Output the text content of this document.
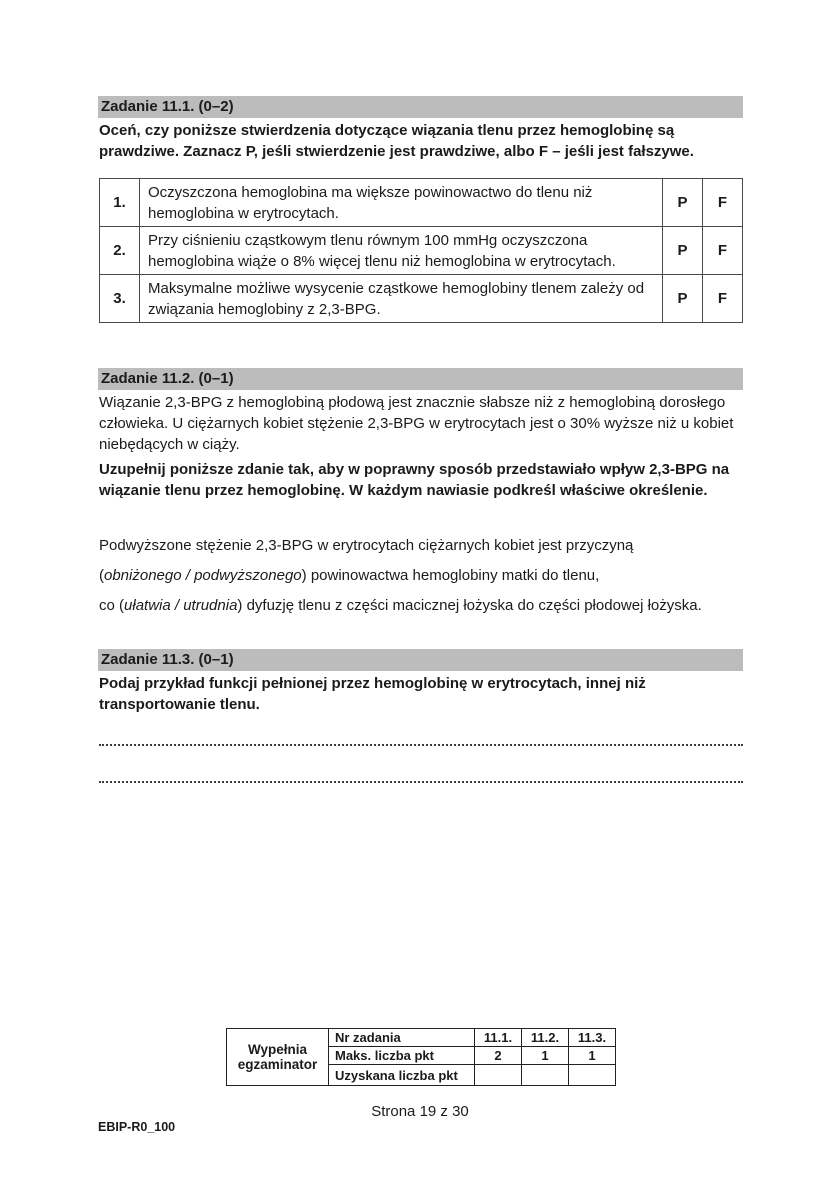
Zadanie 11.1. (0–2)
Oceń, czy poniższe stwierdzenia dotyczące wiązania tlenu przez hemoglobinę są prawdziwe. Zaznacz P, jeśli stwierdzenie jest prawdziwe, albo F – jeśli jest fałszywe.
1.	Oczyszczona hemoglobina ma większe powinowactwo do tlenu niż hemoglobina w erytrocytach.	P	F
2.	Przy ciśnieniu cząstkowym tlenu równym 100 mmHg oczyszczona hemoglobina wiąże o 8% więcej tlenu niż hemoglobina w erytrocytach.	P	F
3.	Maksymalne możliwe wysycenie cząstkowe hemoglobiny tlenem zależy od związania hemoglobiny z 2,3-BPG.	P	F
Zadanie 11.2. (0–1)
Wiązanie 2,3-BPG z hemoglobiną płodową jest znacznie słabsze niż z hemoglobiną dorosłego człowieka. U ciężarnych kobiet stężenie 2,3-BPG w erytrocytach jest o 30% wyższe niż u kobiet niebędących w ciąży.
Uzupełnij poniższe zdanie tak, aby w poprawny sposób przedstawiało wpływ 2,3-BPG na wiązanie tlenu przez hemoglobinę. W każdym nawiasie podkreśl właściwe określenie.
Podwyższone stężenie 2,3-BPG w erytrocytach ciężarnych kobiet jest przyczyną
(obniżonego / podwyższonego) powinowactwa hemoglobiny matki do tlenu,
co (ułatwia / utrudnia) dyfuzję tlenu z części macicznej łożyska do części płodowej łożyska.
Zadanie 11.3. (0–1)
Podaj przykład funkcji pełnionej przez hemoglobinę w erytrocytach, innej niż transportowanie tlenu.
Wypełnia egzaminator	Nr zadania	11.1.	11.2.	11.3.
	Maks. liczba pkt	2	1	1
	Uzyskana liczba pkt			
Strona 19 z 30
EBIP-R0_100
